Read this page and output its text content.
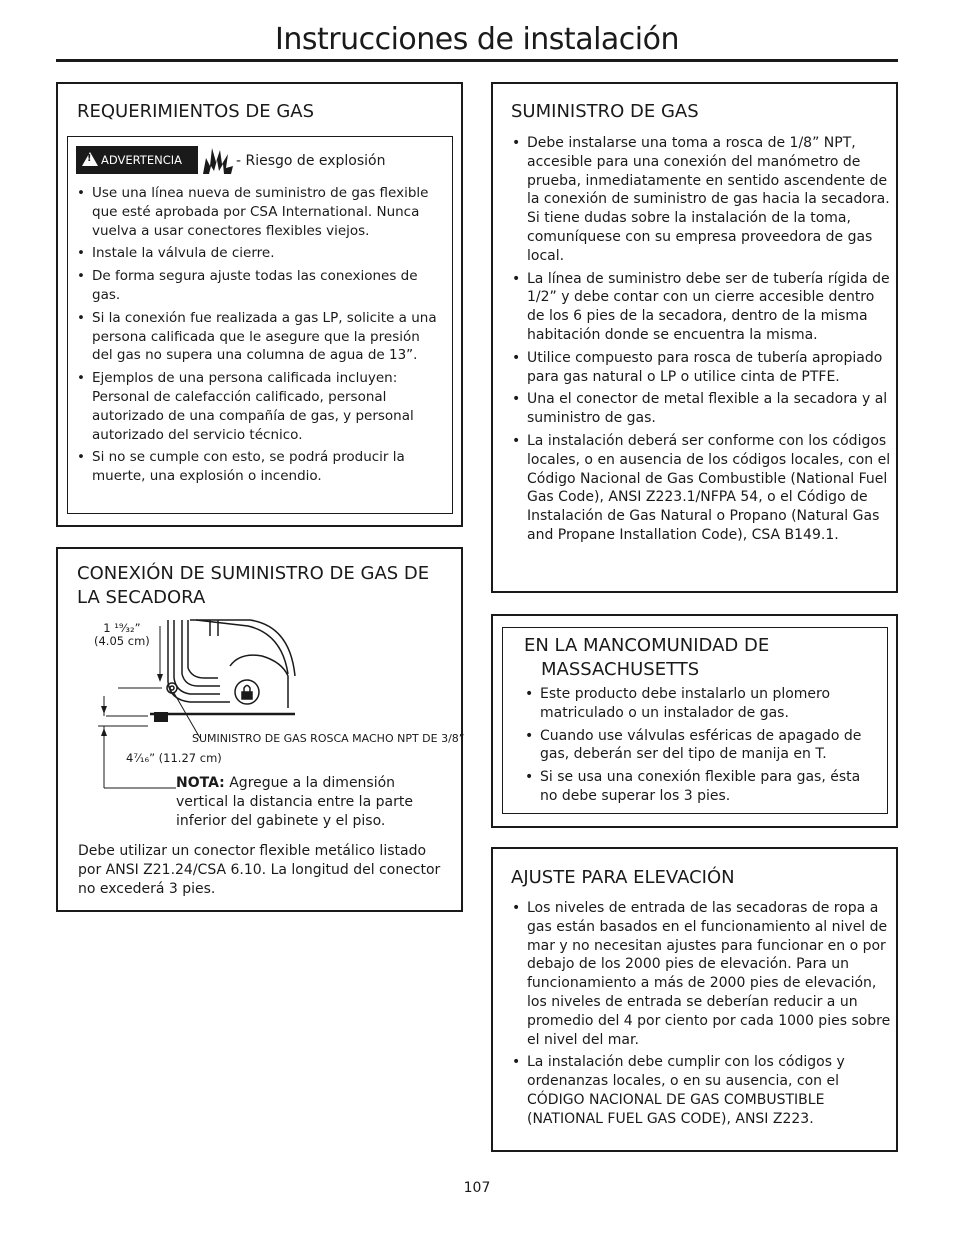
Instrucciones de instalación
REQUERIMIENTOS DE GAS
ADVERTENCIA
!	- Riesgo de explosión
• Use una línea nueva de suministro de gas flexible que esté aprobada por CSA International. Nunca vuelva a usar conectores flexibles viejos.
• Instale la válvula de cierre.
• De forma segura ajuste todas las conexiones de gas.
• Si la conexión fue realizada a gas LP, solicite a una persona calificada que le asegure que la presión del gas no supera una columna de agua de 13”.
• Ejemplos de una persona calificada incluyen: Personal de calefacción calificado, personal autorizado de una compañía de gas, y personal autorizado del servicio técnico.
• Si no se cumple con esto, se podrá producir la muerte, una explosión o incendio.
CONEXIÓN DE SUMINISTRO DE GAS DE LA SECADORA
1 ¹⁹⁄₃₂”
(4.05 cm)
SUMINISTRO DE GAS ROSCA MACHO NPT DE 3/8”
4⁷⁄₁₆” (11.27 cm)
NOTA: Agregue a la dimensión vertical la distancia entre la parte inferior del gabinete y el piso.

Debe utilizar un conector flexible metálico listado por ANSI Z21.24/CSA 6.10. La longitud del conector no excederá 3 pies.

SUMINISTRO DE GAS
• Debe instalarse una toma a rosca de 1/8” NPT, accesible para una conexión del manómetro de prueba, inmediatamente en sentido ascendente de la conexión de suministro de gas hacia la secadora. Si tiene dudas sobre la instalación de la toma, comuníquese con su empresa proveedora de gas local.
• La línea de suministro debe ser de tubería rígida de 1/2” y debe contar con un cierre accesible dentro de los 6 pies de la secadora, dentro de la misma habitación donde se encuentra la misma.
• Utilice compuesto para rosca de tubería apropiado para gas natural o LP o utilice cinta de PTFE.
• Una el conector de metal flexible a la secadora y al suministro de gas.
• La instalación deberá ser conforme con los códigos locales, o en ausencia de los códigos locales, con el Código Nacional de Gas Combustible (National Fuel Gas Code), ANSI Z223.1/NFPA 54, o el Código de Instalación de Gas Natural o Propano (Natural Gas and Propane Installation Code), CSA B149.1.
EN LA MANCOMUNIDAD DE
MASSACHUSETTS
• Este producto debe instalarlo un plomero matriculado o un instalador de gas.
• Cuando use válvulas esféricas de apagado de gas, deberán ser del tipo de manija en T.
• Si se usa una conexión flexible para gas, ésta no debe superar los 3 pies.
AJUSTE PARA ELEVACIÓN
• Los niveles de entrada de las secadoras de ropa a gas están basados en el funcionamiento al nivel de mar y no necesitan ajustes para funcionar en o por debajo de los 2000 pies de elevación. Para un funcionamiento a más de 2000 pies de elevación, los niveles de entrada se deberían reducir a un promedio del 4 por ciento por cada 1000 pies sobre el nivel del mar.
• La instalación debe cumplir con los códigos y ordenanzas locales, o en su ausencia, con el CÓDIGO NACIONAL DE GAS COMBUSTIBLE (NATIONAL FUEL GAS CODE), ANSI Z223.
107
